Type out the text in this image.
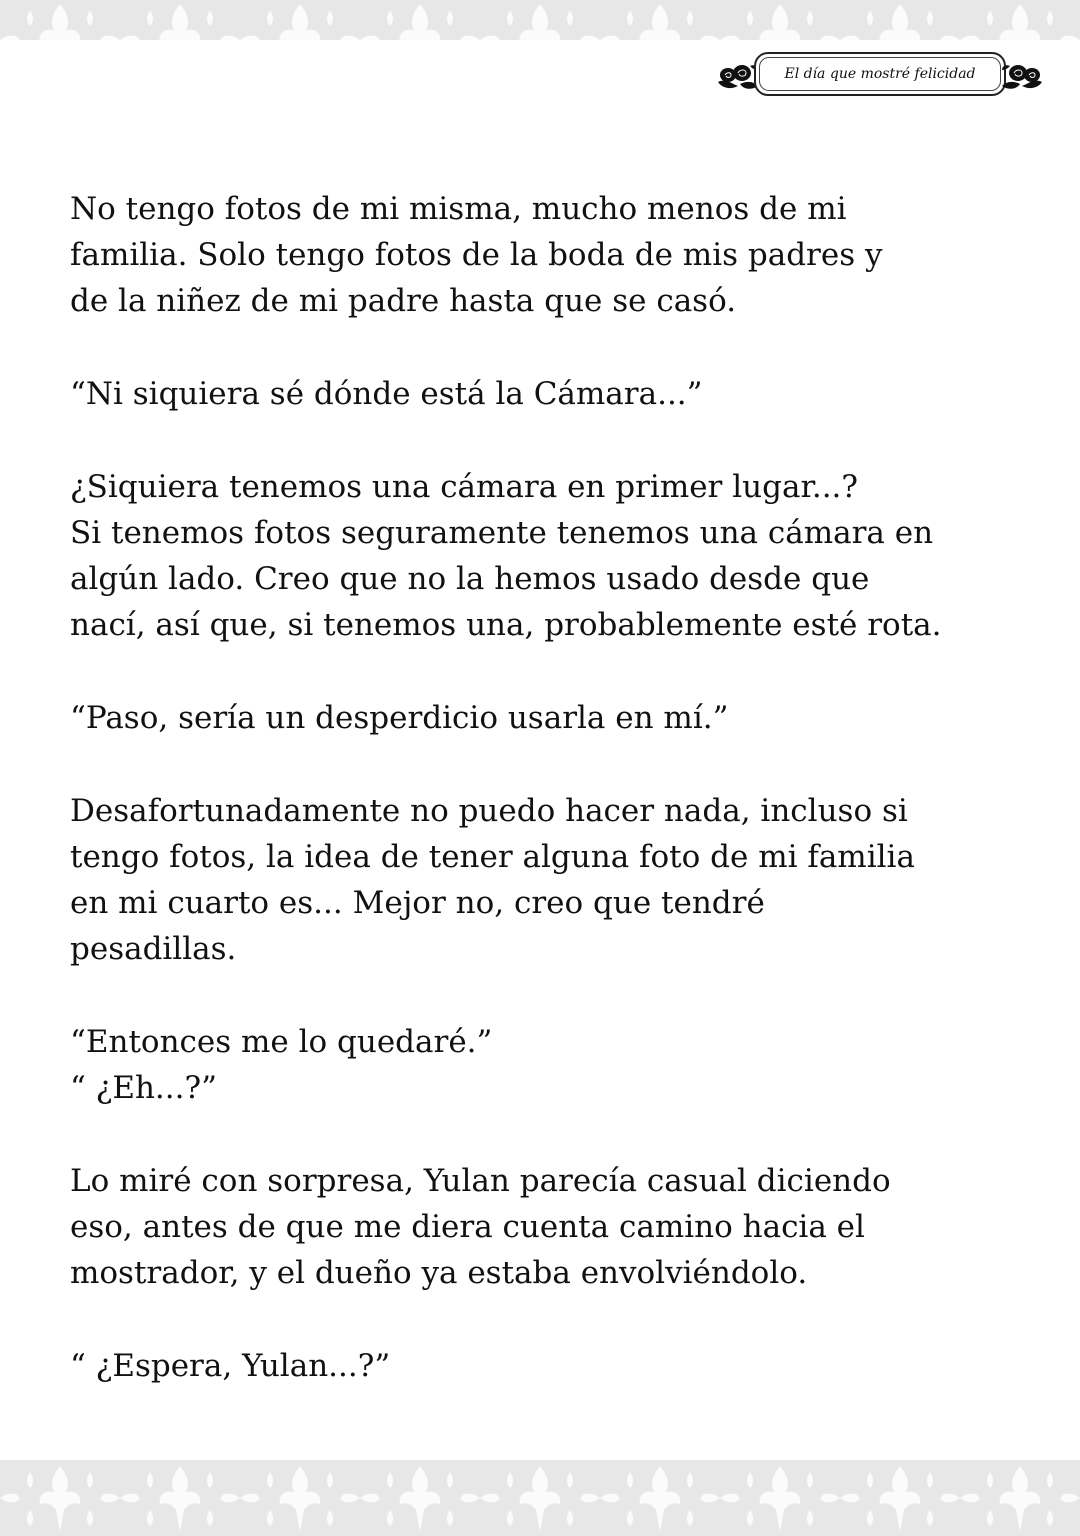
El día que mostré felicidad

No tengo fotos de mi misma, mucho menos de mi
familia. Solo tengo fotos de la boda de mis padres y
de la niñez de mi padre hasta que se casó.

“Ni siquiera sé dónde está la Cámara...”

¿Siquiera tenemos una cámara en primer lugar...?
Si tenemos fotos seguramente tenemos una cámara en
algún lado. Creo que no la hemos usado desde que
nací, así que, si tenemos una, probablemente esté rota.

“Paso, sería un desperdicio usarla en mí.”

Desafortunadamente no puedo hacer nada, incluso si
tengo fotos, la idea de tener alguna foto de mi familia
en mi cuarto es... Mejor no, creo que tendré
pesadillas.

“Entonces me lo quedaré.”
“ ¿Eh...?”

Lo miré con sorpresa, Yulan parecía casual diciendo
eso, antes de que me diera cuenta camino hacia el
mostrador, y el dueño ya estaba envolviéndolo.

“ ¿Espera, Yulan...?”
